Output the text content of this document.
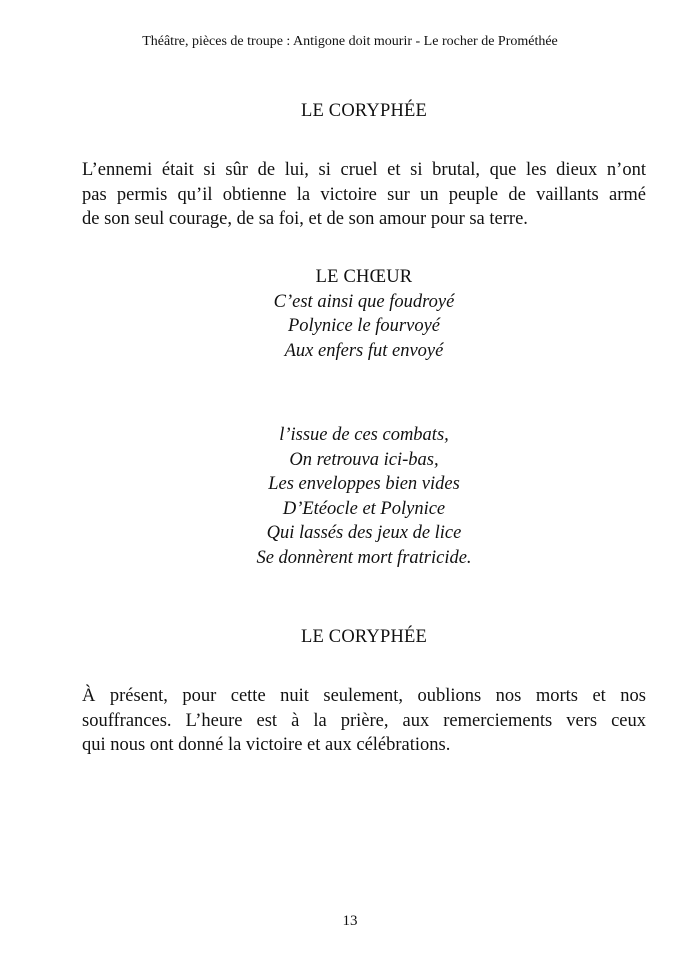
Théâtre, pièces de troupe : Antigone doit mourir - Le rocher de Prométhée
LE CORYPHÉE
L’ennemi était si sûr de lui, si cruel et si brutal, que les dieux n’ont
pas permis qu’il obtienne la victoire sur un peuple de vaillants armé
de son seul courage, de sa foi, et de son amour pour sa terre.
LE CHŒUR
C’est ainsi que foudroyé
Polynice le fourvoyé
Aux enfers fut envoyé
l’issue de ces combats,
On retrouva ici-bas,
Les enveloppes bien vides
D’Etéocle et Polynice
Qui lassés des jeux de lice
Se donnèrent mort fratricide.
LE CORYPHÉE
À présent, pour cette nuit seulement, oublions nos morts et nos
souffrances. L’heure est à la prière, aux remerciements vers ceux
qui nous ont donné la victoire et aux célébrations.
13
